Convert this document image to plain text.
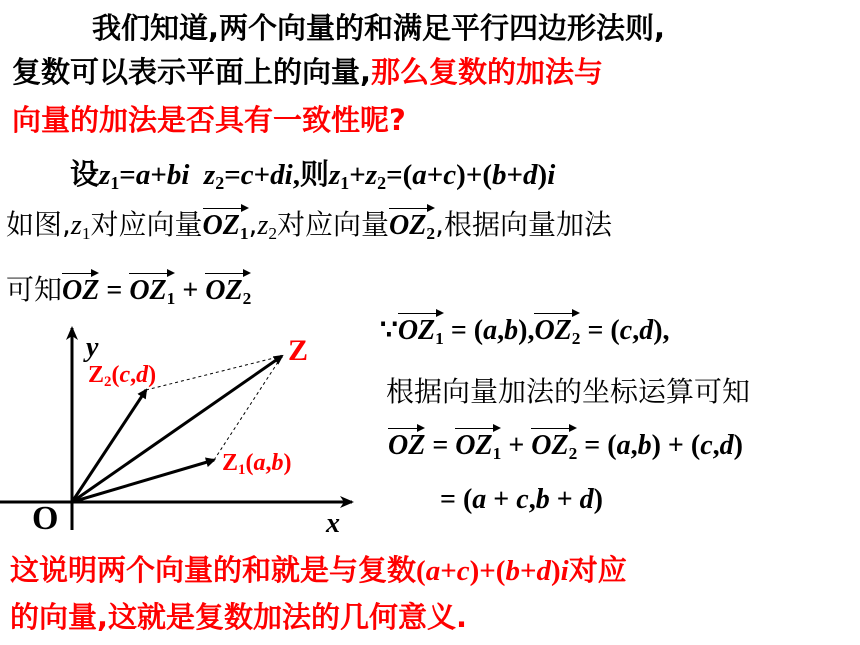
我们知道,两个向量的和满足平行四边形法则,
复数可以表示平面上的向量,那么复数的加法与
向量的加法是否具有一致性呢?
设$z_1=a+bi$ $z_2=c+di$,则$z_1+z_2=(a+c)+(b+d)i$
如图$,z_1$对应向量$OZ_1,z_2$对应向量$OZ_2$,根据向量加法
可知OZ = $OZ_1 + OZ_2$
y
x
O
Z
$Z_2(c,d)$
$Z_1(a,b)$
$\because OZ_1 = (a,b),OZ_2 = (c,d)$,
根据向量加法的坐标运算可知
OZ = $OZ_1 + OZ_2 = (a,b) + (c,d)$
= (a + c,b + d)
这说明两个向量的和就是与复数(a+c)+(b+d)i对应
的向量,这就是复数加法的几何意义.
